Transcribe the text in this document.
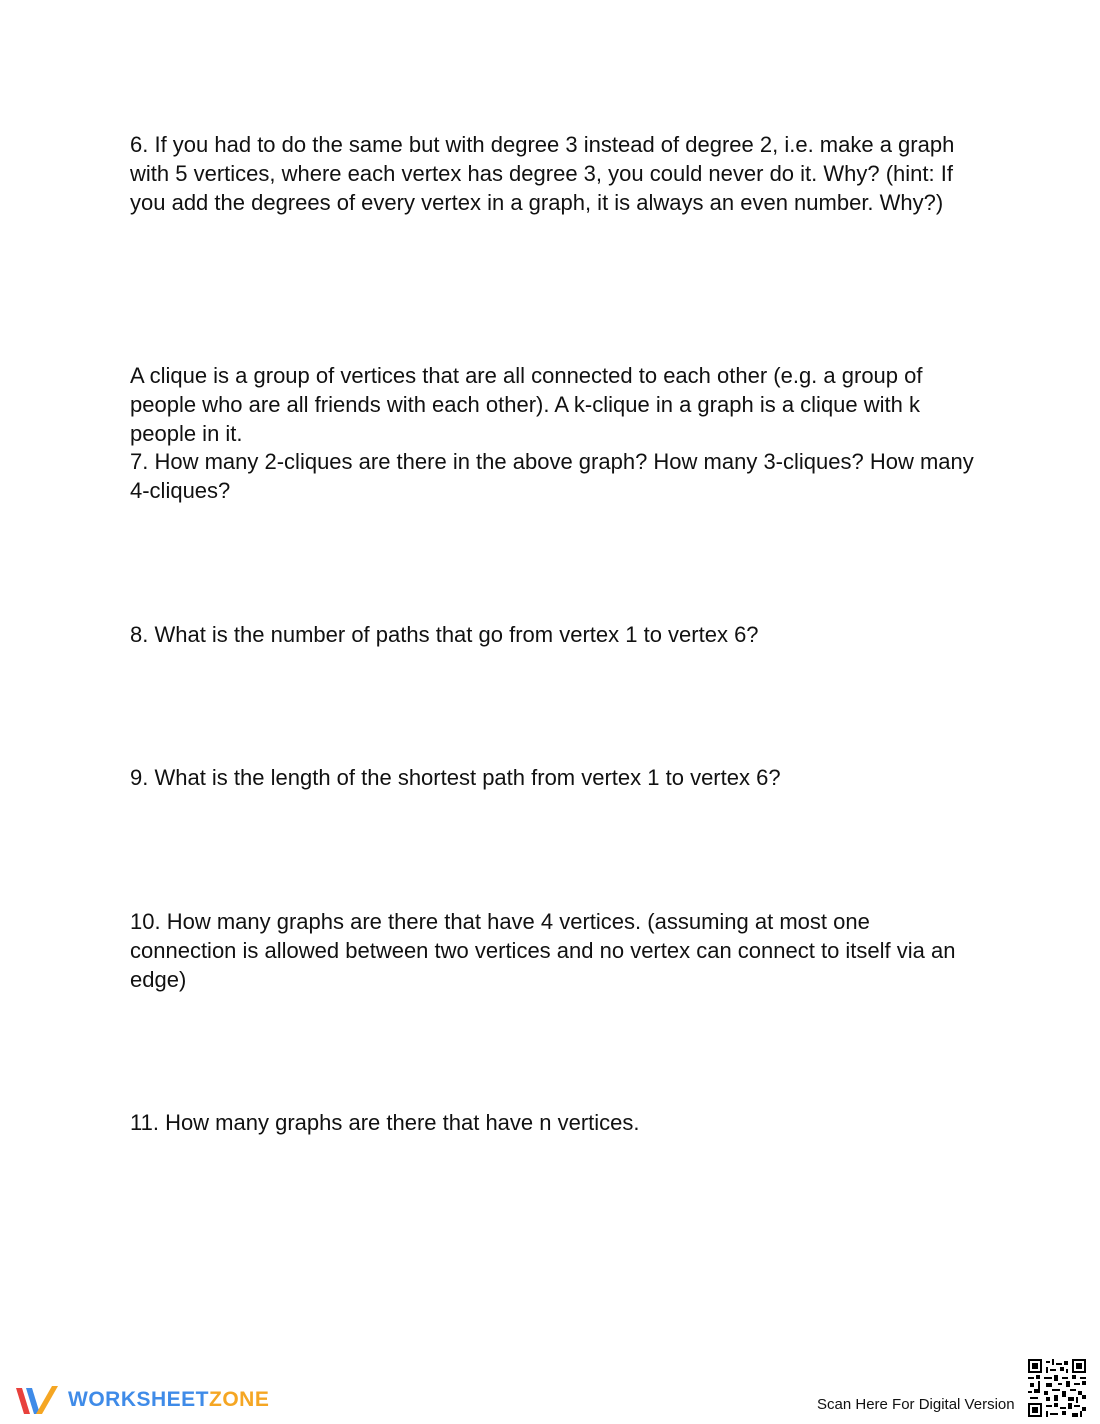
6. If you had to do the same but with degree 3 instead of degree 2, i.e. make a graph with 5 vertices, where each vertex has degree 3, you could never do it. Why? (hint: If you add the degrees of every vertex in a graph, it is always an even number. Why?)

A clique is a group of vertices that are all connected to each other (e.g. a group of people who are all friends with each other). A k-clique in a graph is a clique with k people in it.

7. How many 2-cliques are there in the above graph? How many 3-cliques? How many 4-cliques?

8. What is the number of paths that go from vertex 1 to vertex 6?

9. What is the length of the shortest path from vertex 1 to vertex 6?

10. How many graphs are there that have 4 vertices. (assuming at most one connection is allowed between two vertices and no vertex can connect to itself via an edge)

11. How many graphs are there that have n vertices.

WORKSHEETZONE	Scan Here For Digital Version
